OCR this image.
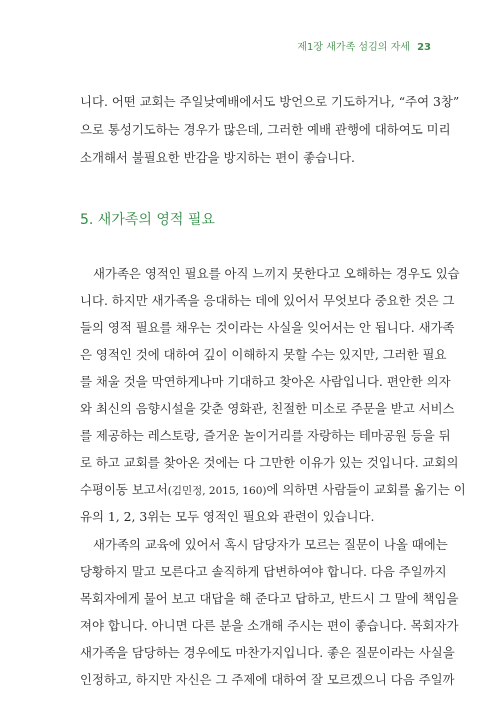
제1장 새가족 섬김의 자세 23
니다. 어떤 교회는 주일낮예배에서도 방언으로 기도하거나, “주여 3창”
으로 통성기도하는 경우가 많은데, 그러한 예배 관행에 대하여도 미리
소개해서 불필요한 반감을 방지하는 편이 좋습니다.
5. 새가족의 영적 필요
새가족은 영적인 필요를 아직 느끼지 못한다고 오해하는 경우도 있습
니다. 하지만 새가족을 응대하는 데에 있어서 무엇보다 중요한 것은 그
들의 영적 필요를 채우는 것이라는 사실을 잊어서는 안 됩니다. 새가족
은 영적인 것에 대하여 깊이 이해하지 못할 수는 있지만, 그러한 필요
를 채울 것을 막연하게나마 기대하고 찾아온 사람입니다. 편안한 의자
와 최신의 음향시설을 갖춘 영화관, 친절한 미소로 주문을 받고 서비스
를 제공하는 레스토랑, 즐거운 놀이거리를 자랑하는 테마공원 등을 뒤
로 하고 교회를 찾아온 것에는 다 그만한 이유가 있는 것입니다. 교회의
수평이동 보고서(김민정, 2015, 160)에 의하면 사람들이 교회를 옮기는 이
유의 1, 2, 3위는 모두 영적인 필요와 관련이 있습니다.
새가족의 교육에 있어서 혹시 담당자가 모르는 질문이 나올 때에는
당황하지 말고 모른다고 솔직하게 답변하여야 합니다. 다음 주일까지
목회자에게 물어 보고 대답을 해 준다고 답하고, 반드시 그 말에 책임을
져야 합니다. 아니면 다른 분을 소개해 주시는 편이 좋습니다. 목회자가
새가족을 담당하는 경우에도 마찬가지입니다. 좋은 질문이라는 사실을
인정하고, 하지만 자신은 그 주제에 대하여 잘 모르겠으니 다음 주일까
